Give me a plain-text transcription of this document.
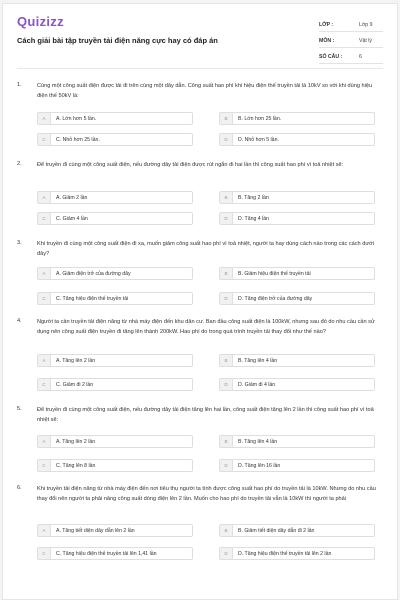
Quizizz
Cách giải bài tập truyền tải điện năng cực hay có đáp án
LỚP :	Lớp 9
MÔN :	Vật lý
SỐ CÂU :	6
1.	Cùng một công suất điện được tải đi trên cùng một dây dẫn. Công suất hao phí khi hiệu điện thế truyền tải là 10kV so với khi dùng hiệu điện thế 50kV là:
A	A. Lớn hơn 5 lần.	B	B. Lớn hơn 25 lần.
C	C. Nhỏ hơn 25 lần.	D	D. Nhỏ hơn 5 lần.
2.	Để truyền đi cùng một công suất điện, nếu đường dây tải điện được rút ngắn đi hai lần thì công suất hao phí vì toả nhiệt sẽ:
A	A. Giảm 2 lần	B	B. Tăng 2 lần
C	C. Giảm 4 lần	D	D. Tăng 4 lần
3.	Khi truyền đi cùng một công suất điện đi xa, muốn giảm công suất hao phí vì toả nhiệt, người ta hay dùng cách nào trong các cách dưới đây?
A	A. Giảm điện trở của đường dây	B	B. Giảm hiệu điện thế truyền tải
C	C. Tăng hiệu điện thế truyền tải	D	D. Tăng điện trở của đường dây
4.	Người ta cần truyền tải điện năng từ nhà máy điện đến khu dân cư. Ban đầu công suất điện là 100kW, nhưng sau đó do nhu cầu cần sử dụng nên công suất điện truyền đi tăng lên thành 200kW. Hao phí do trong quá trình truyền tải thay đổi như thế nào?
A	A. Tăng lên 2 lần	B	B. Tăng lên 4 lần
C	C. Giảm đi 2 lần	D	D. Giảm đi 4 lần
5.	Để truyền đi cùng một công suất điện, nếu đường dây tải điện tăng lên hai lần, công suất điện tăng lên 2 lần thì công suất hao phí vì toả nhiệt sẽ:
A	A. Tăng lên 2 lần	B	B. Tăng lên 4 lần
C	C. Tăng lên 8 lần	D	D. Tăng lên 16 lần
6.	Khi truyền tải điện năng từ nhà máy điện đến nơi tiêu thụ người ta tính được công suất hao phí do truyền tải là 10kW. Nhưng do nhu cầu thay đổi nên người ta phải nâng công suất dòng điện lên 2 lần. Muốn cho hao phí do truyền tải vẫn là 10kW thì người ta phải
A	A. Tăng tiết diện dây dẫn lên 2 lần	B	B. Giảm tiết diện dây dẫn đi 2 lần
C	C. Tăng hiệu điện thế truyền tải lên 1,41 lần	D	D. Tăng hiệu điện thế truyền tải lên 2 lần
